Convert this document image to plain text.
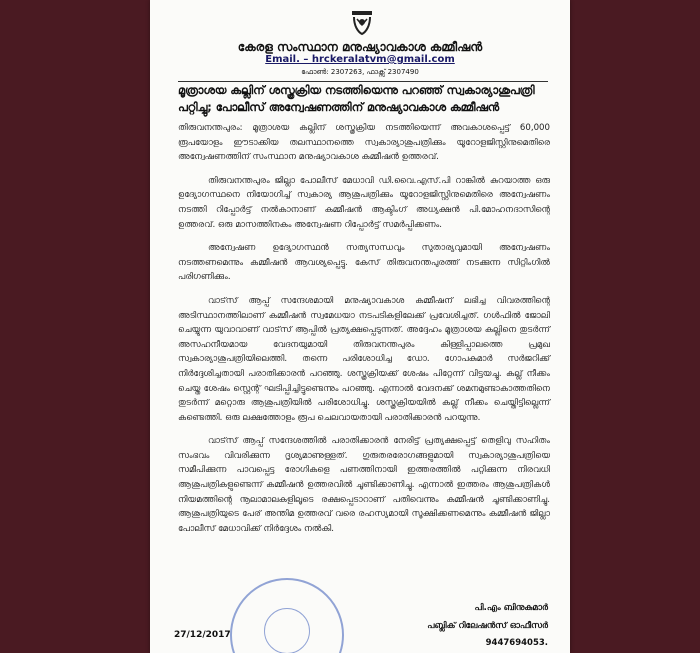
കേരള സംസ്ഥാന മനുഷ്യാവകാശ കമ്മീഷന്‍
Email. – hrckeralatvm@gmail.com
ഫോണ്‍: 2307263, ഫാക്സ് 2307490
മൂത്രാശയ കല്ലിന് ശസ്ത്രക്രിയ നടത്തിയെന്നു പറഞ്ഞ് സ്വകാര്യാശുപത്രി പറ്റിച്ചു; പോലീസ് അന്വേഷണത്തിന് മനുഷ്യാവകാശ കമ്മീഷന്‍

തിരുവനന്തപുരം: മൂത്രാശയ കല്ലിന് ശസ്ത്രക്രിയ നടത്തിയെന്ന് അവകാശപ്പെട്ട് 60,000 രൂപയോളം ഈടാക്കിയ തലസ്ഥാനത്തെ സ്വകാര്യാശുപത്രിക്കും യൂറോളജിസ്റ്റിനുമെതിരെ അന്വേഷണത്തിന് സംസ്ഥാന മനുഷ്യാവകാശ കമ്മീഷന്‍ ഉത്തരവ്.

തിരുവനന്തപുരം ജില്ലാ പോലീസ് മേധാവി ഡി.വൈ.എസ്.പി റാങ്കില്‍ കുറയാത്ത ഒരു ഉദ്യോഗസ്ഥനെ നിയോഗിച്ച് സ്വകാര്യ ആശുപത്രിക്കും യൂറോളജിസ്റ്റിനുമെതിരെ അന്വേഷണം നടത്തി റിപ്പോര്‍ട്ട് നല്‍കാനാണ് കമ്മീഷന്‍ ആക്ടിംഗ് അധ്യക്ഷന്‍ പി.മോഹനദാസിന്റെ ഉത്തരവ്. ഒരു മാസത്തിനകം അന്വേഷണ റിപ്പോര്‍ട്ട് സമര്‍പ്പിക്കണം.

അന്വേഷണ ഉദ്യോഗസ്ഥന്‍ സത്യസന്ധവും സുതാര്യവുമായി അന്വേഷണം നടത്തണമെന്നും കമ്മീഷന്‍ ആവശ്യപ്പെട്ടു. കേസ് തിരുവനന്തപുരത്ത് നടക്കുന്ന സിറ്റിംഗില്‍ പരിഗണിക്കും.

വാട്‌സ് ആപ്പ് സന്ദേശമായി മനുഷ്യാവകാശ കമ്മീഷന് ലഭിച്ച വിവരത്തിന്റെ അടിസ്ഥാനത്തിലാണ് കമ്മീഷന്‍ സ്വമേധയാ നടപടികളിലേക്ക് പ്രവേശിച്ചത്. ഗള്‍ഫില്‍ ജോലി ചെയ്യുന്ന യുവാവാണ് വാട്‌സ് ആപ്പില്‍ പ്രത്യക്ഷപ്പെടുന്നത്. അദ്ദേഹം മൂത്രാശയ കല്ലിനെ തുടര്‍ന്ന് അസഹനീയമായ വേദനയുമായി തിരുവനന്തപുരം കിള്ളിപ്പാലത്തെ പ്രമുഖ സ്വകാര്യാശുപത്രിയിലെത്തി. തന്നെ പരിശോധിച്ച ഡോ. ഗോപകുമാര്‍ സര്‍ജറിക്ക് നിര്‍ദ്ദേശിച്ചതായി പരാതിക്കാരന്‍ പറഞ്ഞു. ശസ്ത്രക്രിയക്ക് ശേഷം പിറ്റേന്ന് വിട്ടയച്ചു. കല്ല് നീക്കം ചെയ്ത ശേഷം സ്റ്റെന്റ് ഘടിപ്പിച്ചിട്ടുണ്ടെന്നും പറഞ്ഞു. എന്നാല്‍ വേദനക്ക് ശമനമുണ്ടാകാത്തതിനെ തുടര്‍ന്ന് മറ്റൊരു ആശുപത്രിയില്‍ പരിശോധിച്ചു. ശസ്ത്രക്രിയയില്‍ കല്ല് നീക്കം ചെയ്തിട്ടില്ലെന്ന് കണ്ടെത്തി. ഒരു ലക്ഷത്തോളം രൂപ ചെലവായതായി പരാതിക്കാരന്‍ പറയുന്നു.

വാട്‌സ് ആപ്പ് സന്ദേശത്തില്‍ പരാതിക്കാരന്‍ നേരിട്ട് പ്രത്യക്ഷപ്പെട്ട് തെളിവു സഹിതം സംഭവം വിവരിക്കുന്ന ദൃശ്യമാണുള്ളത്. ഗുരുതരരോഗങ്ങളുമായി സ്വകാര്യാശുപത്രിയെ സമീപിക്കുന്ന പാവപ്പെട്ട രോഗികളെ പണത്തിനായി ഇത്തരത്തില്‍ പറ്റിക്കുന്ന നിരവധി ആശുപത്രികളുണ്ടെന്ന് കമ്മീഷന്‍ ഉത്തരവില്‍ ചൂണ്ടിക്കാണിച്ചു. എന്നാല്‍ ഇത്തരം ആശുപത്രികള്‍ നിയമത്തിന്റെ നൂലാമാലകളിലൂടെ രക്ഷപ്പെടാറാണ് പതിവെന്നും കമ്മീഷന്‍ ചൂണ്ടിക്കാണിച്ചു. ആശുപത്രിയുടെ പേര് അന്തിമ ഉത്തരവ് വരെ രഹസ്യമായി സൂക്ഷിക്കണമെന്നും കമ്മീഷന്‍ ജില്ലാ പോലീസ് മേധാവിക്ക് നിര്‍ദ്ദേശം നല്‍കി.

27/12/2017
പി.എം ബിനുകുമാര്‍
പബ്ലിക് റിലേഷന്‍സ് ഓഫീസര്‍
9447694053.
